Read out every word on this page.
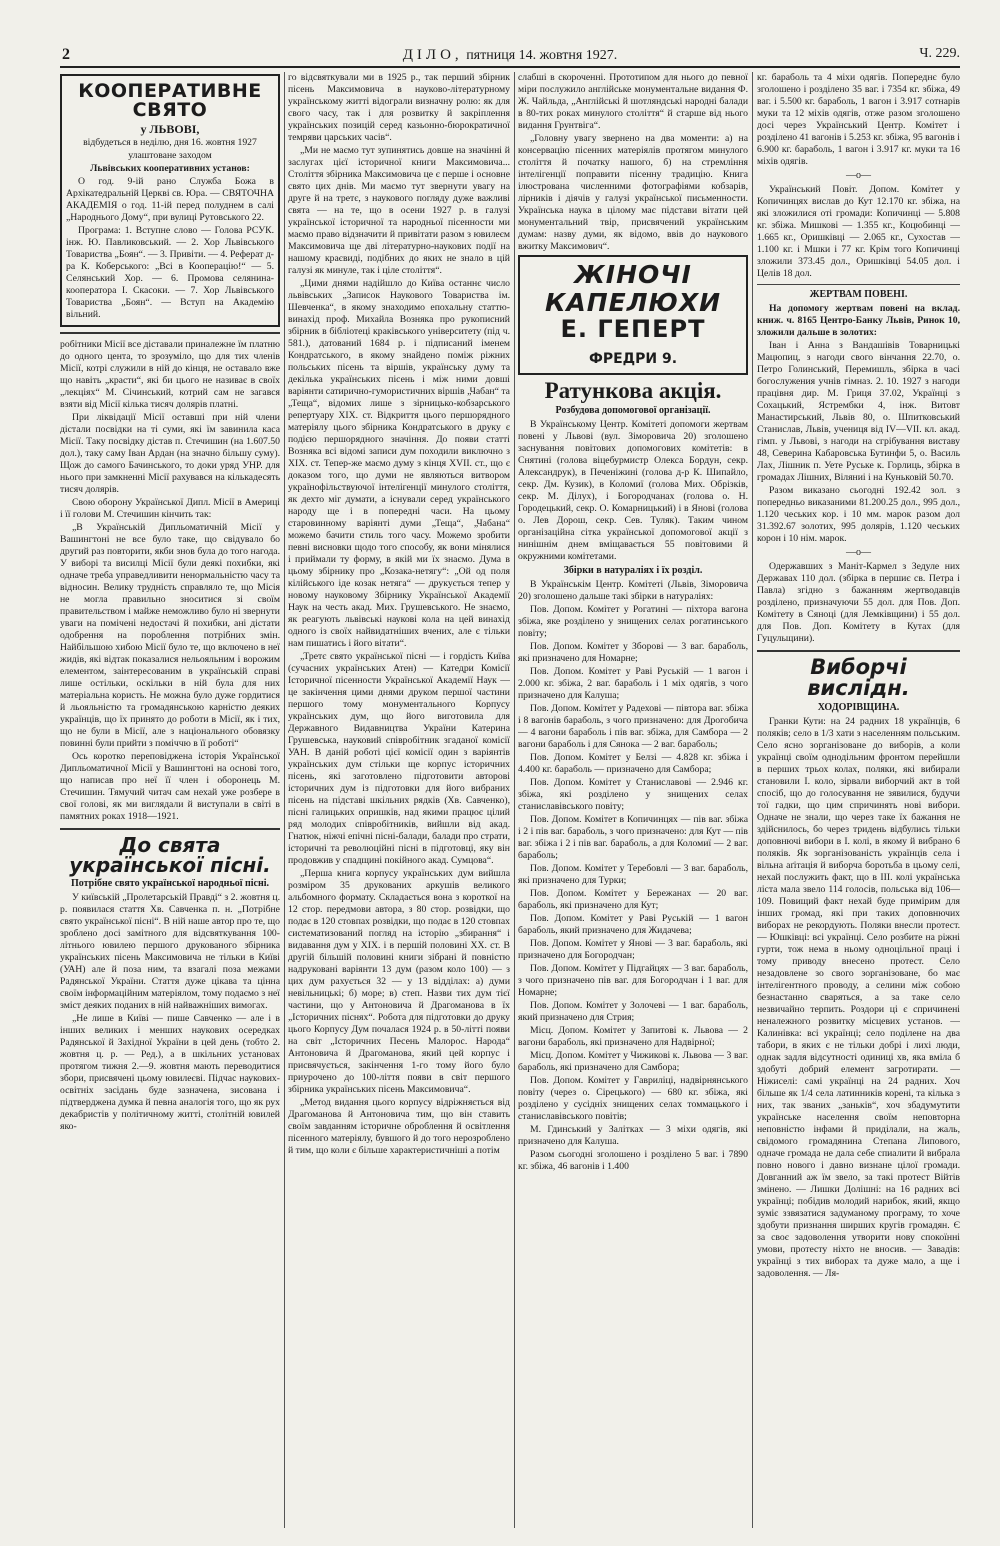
2	ДІЛО, пятниця 14. жовтня 1927.	Ч. 229.
КООПЕРАТИВНЕ СВЯТО
у ЛЬВОВІ,

відбудеться в неділю, дня 16. жовтня 1927

улаштоване заходом

Львівських кооперативних установ:

О год. 9-ій рано Служба Божа в Архікатедральній Церкві св. Юра. — СВЯТОЧНА АКАДЕМІЯ о год. 11-ій перед полуднем в салі „Народнього Дому“, при вулиці Рутовського 22.

Програма: 1. Вступне слово — Голова РСУК. інж. Ю. Павликовський. — 2. Хор Львівського Товариства „Боян“. — 3. Привіти. — 4. Реферат д-ра К. Коберського: „Всі в Кооперацію!“ — 5. Селянський Хор. — 6. Промова селянина-кооператора І. Скасоки. — 7. Хор Львівського Товариства „Боян“. — Вступ на Академію вільний.

робітники Місії все діставали приналежне їм платню до одного цента, то зрозуміло, що для тих членів Місії, котрі служили в ній до кінця, не оставало вже що навіть „красти“, які би цього не називає в своїх „лекціях“ М. Січинський, котрий сам не загався взяти від Місії кілька тисяч долярів платні.

При ліквідації Місії оставші при ній члени дістали посвідки на ті суми, які їм завинила каса Місії. Таку посвідку дістав п. Стечишин (на 1.607.50 дол.), таку саму Іван Ардан (на значно більшу суму). Щож до самого Бачинського, то доки уряд УНР. для нього при замкненні Місії рахувався на кількадесять тисяч долярів.

Свою оборону Української Дипл. Місії в Америці і її голови М. Стечишин кінчить так:

„В Українській Дипльоматичній Місії у Вашингтоні не все було таке, що свідувало бо другий раз повторити, якби знов була до того нагода. У виборі та висилці Місії були деякі похибки, які одначе треба управедливити ненормальністю часу та відносин. Велику трудність справляло те, що Місія не могла правильно зноситися зі своїм правительством і майже неможливо було ні звернути уваги на помічені недостачі й похибки, ані дістати одобрення на пороблення потрібних змін. Найбільшою хибою Місії було те, що включено в неї жидів, які відтак показалися нельояльним і ворожим елементом, заінтересованим в українській справі лише остільки, оскільки в ній була для них матеріальна користь. Не можна було дуже гордитися й льояльністю та громадянською карністю деяких українців, що їх принято до роботи в Місії, як і тих, що не були в Місії, але з національного обовязку повинні були прийти з поміччю в її роботі“

Ось коротко переповіджена історія Української Дипльоматичної Місії у Вашингтоні на основі того, що написав про неї її член і оборонець М. Стечишин. Тямучий читач сам нехай уже розбере в свої голові, як ми виглядали й виступали в світі в памятних роках 1918—1921.

До свята української пісні.

Потрібне свято української народньої пісні.

У київській „Пролетарській Правді“ з 2. жовтня ц. р. появилася стаття Хв. Савченка п. н. „Потрібне свято української пісні“. В ній наше автор про те, що зроблено досі замітного для відсвяткування 100-літнього ювилею першого друкованого збірника українських пісень Максимовича не тільки в Київі (УАН) але й поза ним, та взагалі поза межами Радянської України. Стаття дуже цікава та цінна своїм інформаційним матеріялом, тому подаємо з неї зміст деяких поданих в ній найважніших вимогах.

„Не лише в Київі — пише Савченко — але і в інших великих і менших наукових осередках Радянської й Західної України в цей день (тобто 2. жовтня ц. р. — Ред.), а в шкільних установах протягом тижня 2.—9. жовтня мають переводитися збори, присвячені цьому ювилеєві. Підчас наукових-освітніх засідань буде зазначена, зисована і підтверджена думка й певна аналогія того, що як рух декабристів у політичному житті, столітній ювилей яко-

го відсвяткували ми в 1925 р., так перший збірник пісень Максимовича в науково-літературному українському житті відограли визначну ролю: як для свого часу, так і для розвитку й закріплення українських позицій серед казьонно-бюрократичної темряви царських часів“.

„Ми не маємо тут зупинятись довше на значінні й заслугах цієї історичної книги Максимовича... Століття збірника Максимовича це є перше і основне свято цих днів. Ми маємо тут звернути увагу на друге й на третє, з наукового погляду дуже важливі свята — на те, що в осени 1927 р. в галузі української історичної та народньої пісенности ми маємо право відзначити й привітати разом з ювилеєм Максимовича ще дві літературно-наукових події на нашому краєвиді, подібних до яких не знало в цій галузі як минуле, так і ціле століття“.

„Цими днями надійшло до Київа останнє число львівських „Записок Наукового Товариства ім. Шевченка“, в якому знаходимо епохальну статтю-винахід проф. Михайла Возняка про рукописний збірник в бібліотеці краківського університету (під ч. 581.), датований 1684 р. і підписаний іменем Кондратського, в якому знайдено поміж ріжних польських пісень та віршів, українську думу та декілька українських пісень і між ними довші варіянти сатирично-гумористичних віршів „Чабан“ та „Теща“, відомих лише з зірницько-кобзарського репертуару XIX. ст. Відкриття цього першорядного матеріялу цього збірника Кондратського в друку є подією першорядного значіння. До появи статті Возняка всі відомі записи дум походили виключно з XIX. ст. Тепер-же маємо думу з кінця XVII. ст., що є доказом того, що думи не являються витвором українофільствуючої інтелігенції минулого століття, як дехто міг думати, а існували серед українського народу ще і в попередні часи. На цьому старовинному варіянті думи „Теща“, „Чабана“ можемо бачити стиль того часу. Можемо зробити певні висновки щодо того способу, як вони мінялися і приймали ту форму, в якій ми їх знаємо. Дума в цьому збірнику про „Козака-нетягу“: „Ой од поля кілійського іде козак нетяга“ — друкується тепер у новому науковому Збірнику Української Академії Наук на честь акад. Мих. Грушевського. Не знаємо, як реагують львівські наукові кола на цей винахід одного із своїх найвидатніших вчених, але є тільки нам пишатись і його вітати“.

„Третє свято української пісні — і гордість Київа (сучасних українських Атен) — Катедри Комісії Історичної пісенности Української Академії Наук — це закінчення цими днями друком першої частини першого тому монументального Корпусу українських дум, що його виготовила для Державного Видавництва України Катерина Грушевська, науковий співробітник згаданої комісії УАН. В даній роботі цієї комісії один з варіянтів українських дум стільки ще корпус історичних пісень, які заготовлено підготовити авторові історичних дум із підготовки для його вибраних пісень на підставі шкільних рядків (Хв. Савченко), пісні галицьких опришків, над якими працює цілий ряд молодих співробітників, вийшли від акад. Гнатюк, ніжчі епічні пісні-балади, балади про страти, історичні та революційні пісні в підготовці, яку він продовжив у спадщині покійного акад. Сумцова“.

„Перша книга корпусу українських дум вийшла розміром 35 друкованих аркушів великого альбомного формату. Складається вона з короткої на 12 стор. передмови автора, з 80 стор. розвідки, що подає в 120 стовпах розвідки, що подає в 120 стовпах систематизований погляд на історію „збирання“ і видавання дум у XIX. і в першій половині XX. ст. В другій більшій половині книги зібрані й повністю надруковані варіянти 13 дум (разом коло 100) — з цих дум рахується 32 — у 13 відділах: а) думи невільницькі; б) море; в) степ. Назви тих дум тієї частини, що у Антоновича й Драгоманова в їх „Історичних піснях“. Робота для підготовки до друку цього Корпусу Дум почалася 1924 р. в 50-літті появи на світ „Історичних Песень Малорос. Народа“ Антоновича й Драгоманова, який цей корпус і присвячується, закінчення 1-го тому його було приурочено до 100-ліття появи в світ першого збірника українських пісень Максимовича“.

„Метод видання цього корпусу відріжняється від Драгоманова й Антоновича тим, що він ставить своїм завданням історичне оброблення й освітлення пісенного матеріялу, бувшого й до того нерозроблено й тим, що коли є більше характеристичніші а потім

слабші в скороченні. Прототипом для нього до певної міри послужило англійське монументальне видання Ф. Ж. Чайльда, „Англійські й шотляндські народні балади в 80-тих роках минулого століття“ й старше від нього видання Грунтвіга“.

„Головну увагу звернено на два моменти: а) на консервацію пісенних матеріялів протягом минулого століття й початку нашого, б) на стремління інтелігенції поправити пісенну традицію. Книга ілюстрована численними фотографіями кобзарів, лірників і діячів у галузі української письменности. Українська наука в цілому має підстави вітати цей монументальний твір, присвячений українським думам: назву думи, як відомо, ввів до наукового вжитку Максимович“.

ЖІНОЧІ КАПЕЛЮХИ
Е. ГЕПЕРТ ФРЕДРИ 9.
Ратункова акція.

Розбудова допомогової організації.

В Українському Центр. Комітеті допомоги жертвам повені у Львові (вул. Зіморовича 20) зголошено заснування повітових допомогових комітетів: в Снятині (голова віцебурмистр Олекса Бордун, секр. Александрук), в Печеніжині (голова д-р К. Шипайло, секр. Дм. Кузик), в Коломиї (голова Мих. Обрізків, секр. М. Ділух), і Богородчанах (голова о. Н. Городецький, секр. О. Комарницький) і в Янові (голова о. Лев Дорош, секр. Сев. Туляк). Таким чином організаційна сітка української допомогової акції з нинішнім днем вміщавається 55 повітовими й окружними комітетами.

Збірки в натураліях і їх розділ.

В Українськім Центр. Комітеті (Львів, Зіморовича 20) зголошено дальше такі збірки в натураліях:

Пов. Допом. Комітет у Рогатині — піхтора вагона збіжа, яке розділено у знищених селах рогатинського повіту;

Пов. Допом. Комітет у Зборові — 3 ваг. бараболь, які призначено для Номарне;

Пов. Допом. Комітет у Раві Руській — 1 вагон і 2.000 кг. збіжа, 2 ваг. бараболь і 1 міх одягів, з чого призначено для Калуша;

Пов. Допом. Комітет у Радехові — півтора ваг. збіжа і 8 вагонів бараболь, з чого призначено: для Дрогобича — 4 вагони бараболь і пів ваг. збіжа, для Самбора — 2 вагони бараболь і для Сянока — 2 ваг. бараболь;

Пов. Допом. Комітет у Белзі — 4.828 кг. збіжа і 4.400 кг. бараболь — призначено для Самбора;

Пов. Допом. Комітет у Станиславові — 2.946 кг. збіжа, які розділено у знищених селах станиславівського повіту;

Пов. Допом. Комітет в Копичинцях — пів ваг. збіжа і 2 і пів ваг. бараболь, з чого призначено: для Кут — пів ваг. збіжа і 2 і пів ваг. бараболь, а для Коломиї — 2 ваг. бараболь;

Пов. Допом. Комітет у Теребовлі — 3 ваг. бараболь, які призначено для Турки;

Пов. Допом. Комітет у Бережанах — 20 ваг. бараболь, які призначено для Кут;

Пов. Допом. Комітет у Раві Руській — 1 вагон бараболь, який призначено для Жидачева;

Пов. Допом. Комітет у Янові — 3 ваг. бараболь, які призначено для Богородчан;

Пов. Допом. Комітет у Підгайцях — 3 ваг. бараболь, з чого призначено пів ваг. для Богородчан і 1 ваг. для Номарне;

Пов. Допом. Комітет у Золочеві — 1 ваг. бараболь, який призначено для Стрия;

Місц. Допом. Комітет у Запитові к. Львова — 2 вагони бараболь, які призначено для Надвірної;

Місц. Допом. Комітет у Чижикові к. Львова — 3 ваг. бараболь, які призначено для Самбора;

Пов. Допом. Комітет у Гавриліці, надвірнянського повіту (через о. Сірецького) — 680 кг. збіжа, які розділено у сусідніх знищених селах томмацького і станиславівського повітів;

М. Гдинський у Залітках — 3 міхи одягів, які призначено для Калуша.

Разом сьогодні зголошено і розділено 5 ваг. і 7890 кг. збіжа, 46 вагонів і 1.400

кг. бараболь та 4 міхи одягів. Попереднє було зголошено і розділено 35 ваг. і 7354 кг. збіжа, 49 ваг. і 5.500 кг. бараболь, 1 вагон і 3.917 сотнарів муки та 12 міхів одягів, отже разом зголошено досі через Український Центр. Комітет і розділено 41 вагонів і 5.253 кг. збіжа, 95 вагонів і 6.900 кг. бараболь, 1 вагон і 3.917 кг. муки та 16 міхів одягів.

—о—

Український Повіт. Допом. Комітет у Копичинцях вислав до Кут 12.170 кг. збіжа, на які зложилися оті громади: Копичинці — 5.808 кг. збіжа. Мишкові — 1.355 кг., Коцюбинці — 1.665 кг., Оришківці — 2.065 кг., Сухостав — 1.100 кг. і Мшки і 77 кг. Крім того Копичинці зложили 373.45 дол., Оришківці 54.05 дол. і Целів 18 дол.

ЖЕРТВАМ ПОВЕНІ.

На допомогу жертвам повені на вклад. книж. ч. 8165 Центро-Банку Львів, Ринок 10, зложили дальше в золотих:

Іван і Анна з Вандашівів Товарницькі Мацюпиц, з нагоди свого вінчання 22.70, о. Петро Голинський, Перемишль, збірка в часі богослужения учнів гімназ. 2. 10. 1927 з нагоди працівня дир. М. Гриця 37.02, Українці з Сохацький, Ястрембки 4, інж. Витовт Манастирський, Львів 80, о. Шпитковський Станислав, Львів, учениця від IV—VII. кл. акад. гімп. у Львові, з нагоди на сгрібування виставу 48, Северина Кабаровська Бутинфи 5, о. Василь Лах, Лішник п. Уете Руське к. Горлиць, збірка в громадах Лішних, Віляниі і на Куньковій 50.70.

Разом виказано сьогодні 192.42 зол. з попередньо виказаними 81.200.25 дол., 995 дол., 1.120 чеських кор. і 10 мм. марок разом дол 31.392.67 золотих, 995 долярів, 1.120 чеських корон і 10 нім. марок.

—о—

Одержавших з Маніт-Кармел з Зедуле них Державах 110 дол. (збірка в першиє св. Петра і Павла) згідно з бажанням жертводавців розділено, призначуючи 55 дол. для Пов. Доп. Комітету в Сяноці (для Лемківщини) і 55 дол. для Пов. Доп. Комітету в Кутах (для Гуцульщини).

Виборчі вислідн.

ХОДОРІВЩИНА.

Гранки Кути: на 24 радних 18 українців, 6 поляків; село в 1/3 хати з населенням польським. Село ясно зорганізоване до виборів, а коли українці своїм однодільним фронтом перейшли в першиx трьох колах, поляки, які вибирали становили I. коло, зірвали виборчий акт в той спосіб, що до голосування не зявилися, будучи тої гадки, що цим спричинять нові вибори. Одначе не знали, що через таке їх бажання не здійснилось, бо через тридень відбулись тільки доповнючі вибори в I. колі, в якому й вибрано 6 поляків. Як зорганізованість українців села і вільна аґітація й виборча боротьба в цьому селі, нехай послужить факт, що в III. колі українська ліста мала звело 114 голосів, польська від 106—109. Повищий факт нехай буде примірим для інших громад, які при таких доповнючих виборах не рекордують. Поляки внесли протест. — Юшківці: всі українці. Село розбите на ріжні гурти, тож нема в ньому одноцільної праці і тому приводу внесено протест. Село незадовлене зо свого зорганізоване, бо має інтелігентного проводу, а селини між собою безнастанно сваряться, а за таке село незвичайно терпить. Роздори ці є спричинені неналежного розвитку місцевих установ. — Калинівка: всі українці; село поділене на два табори, в яких є не тільки добрі і лихі люди, однак задля відсутності одиниці хв, яка вміла б здобуті добрий елемент загротирати. — Ніжиселі: самі українці на 24 радних. Хоч більше як 1/4 села латинників корені, та кілька з них, так званих „заньків“, хоч збадумутити українське населення своїм неповторна неповністю інфами й приділали, на жаль, свідомого громадянина Степана Липового, одначе громада не дала себе спиалити й вибрала повно нового і давно визнане цілої громади. Довганний аж їм звело, за такі протест Війтів змінено. — Лишки Долішні: на 16 радних всі українці; побідив молодий нарибок, який, якщо зуміє ззвязатися задуманому програму, то хоче здобути признання ширших кругів громадян. Є за своє задоволення утворити нову спокоїнні умови, протесту ніхто не вносив. — Завадів: українці з тих виборах та дуже мало, а ще і задоволення. — Ля-
